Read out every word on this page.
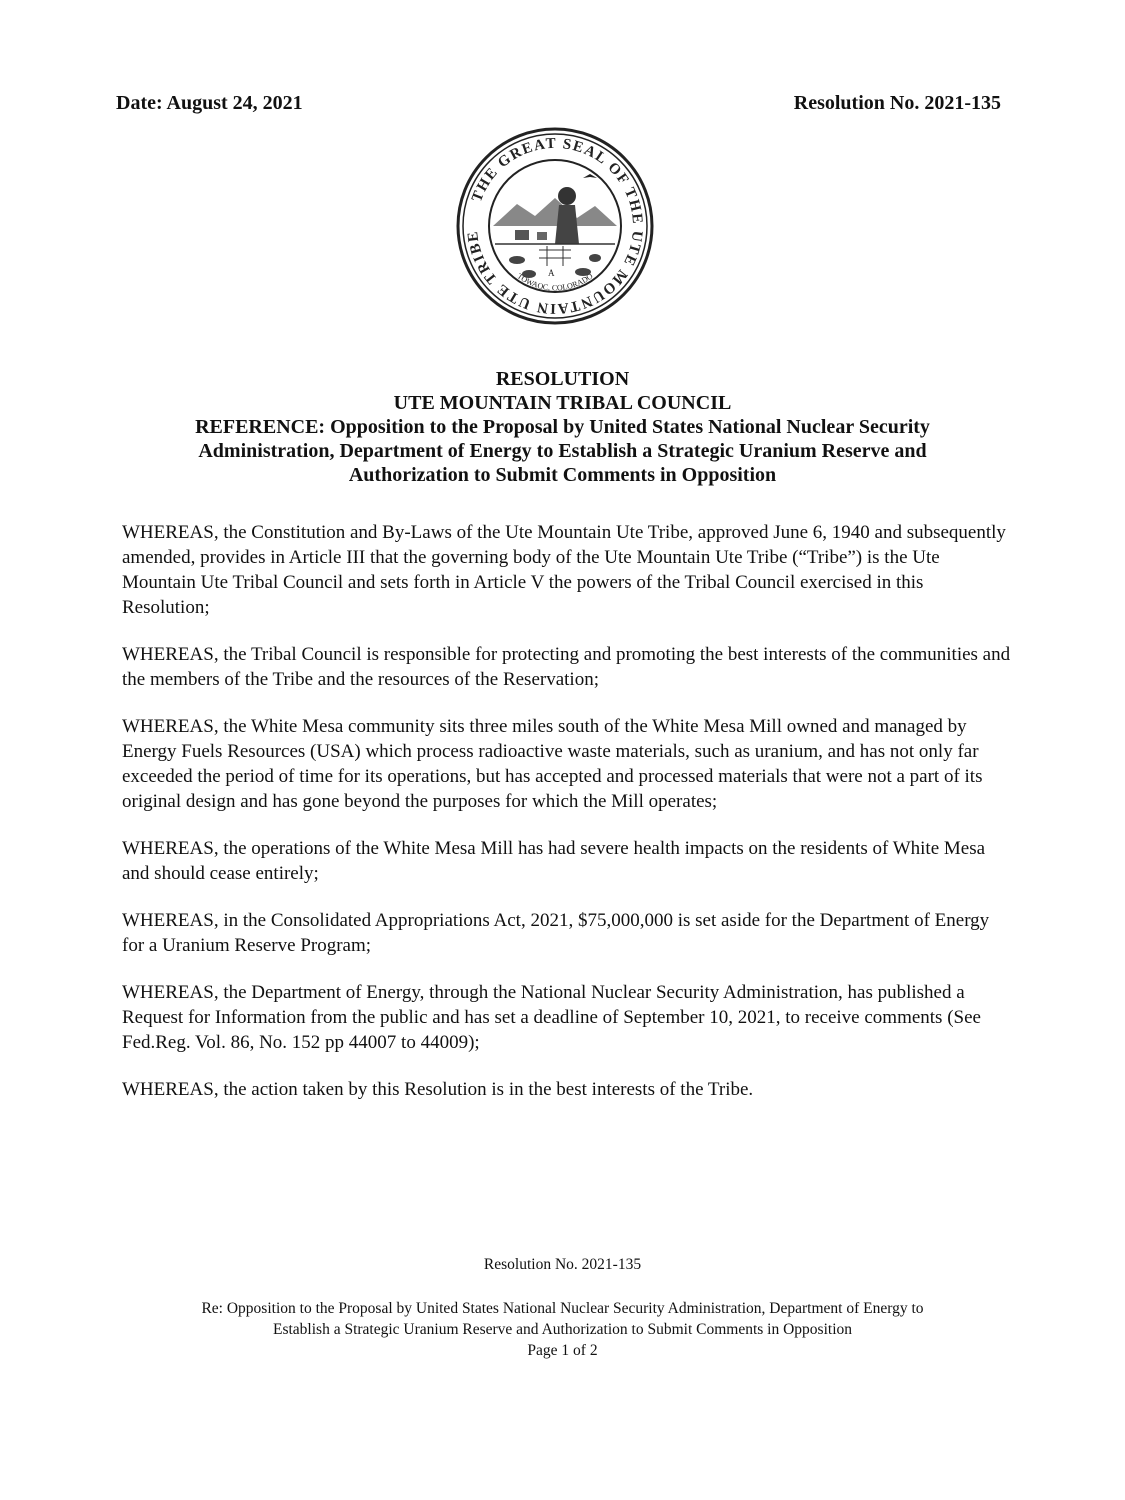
Date: August 24, 2021	Resolution No. 2021-135
THE GREAT SEAL OF THE UTE MOUNTAIN UTE TRIBE
A
TOWAOC, COLORADO
RESOLUTION
UTE MOUNTAIN TRIBAL COUNCIL
REFERENCE: Opposition to the Proposal by United States National Nuclear Security
Administration, Department of Energy to Establish a Strategic Uranium Reserve and
Authorization to Submit Comments in Opposition

WHEREAS, the Constitution and By-Laws of the Ute Mountain Ute Tribe, approved June 6, 1940 and subsequently amended, provides in Article III that the governing body of the Ute Mountain Ute Tribe (“Tribe”) is the Ute Mountain Ute Tribal Council and sets forth in Article V the powers of the Tribal Council exercised in this Resolution;

WHEREAS, the Tribal Council is responsible for protecting and promoting the best interests of the communities and the members of the Tribe and the resources of the Reservation;

WHEREAS, the White Mesa community sits three miles south of the White Mesa Mill owned and managed by Energy Fuels Resources (USA) which process radioactive waste materials, such as uranium, and has not only far exceeded the period of time for its operations, but has accepted and processed materials that were not a part of its original design and has gone beyond the purposes for which the Mill operates;

WHEREAS, the operations of the White Mesa Mill has had severe health impacts on the residents of White Mesa and should cease entirely;

WHEREAS, in the Consolidated Appropriations Act, 2021, $75,000,000 is set aside for the Department of Energy for a Uranium Reserve Program;

WHEREAS, the Department of Energy, through the National Nuclear Security Administration, has published a Request for Information from the public and has set a deadline of September 10, 2021, to receive comments (See Fed.Reg. Vol. 86, No. 152 pp 44007 to 44009);

WHEREAS, the action taken by this Resolution is in the best interests of the Tribe.

Resolution No. 2021-135
Re: Opposition to the Proposal by United States National Nuclear Security Administration, Department of Energy to
Establish a Strategic Uranium Reserve and Authorization to Submit Comments in Opposition
Page 1 of 2
